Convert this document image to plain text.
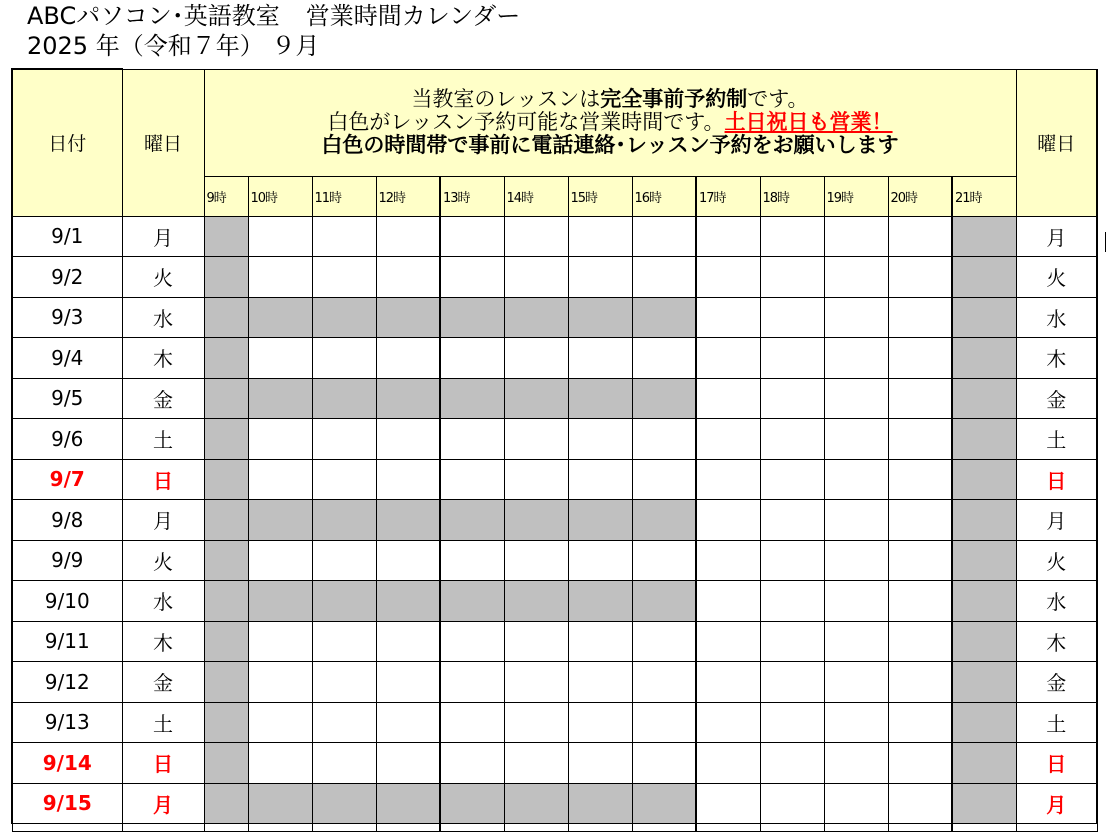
ABCパソコン･英語教室 営業時間カレンダー
2025 年（令和７年） ９月
日付	曜日	当教室のレッスンは完全事前予約制です。
白色がレッスン予約可能な営業時間です。土日祝日も営業！
白色の時間帯で事前に電話連絡･レッスン予約をお願いします													曜日
		9時	10時	11時	12時	13時	14時	15時	16時	17時	18時	19時	20時	21時	
9/1	月														月
9/2	火														火
9/3	水														水
9/4	木														木
9/5	金														金
9/6	土														土
9/7	日														日
9/8	月														月
9/9	火														火
9/10	水														水
9/11	木														木
9/12	金														金
9/13	土														土
9/14	日														日
9/15	月														月
